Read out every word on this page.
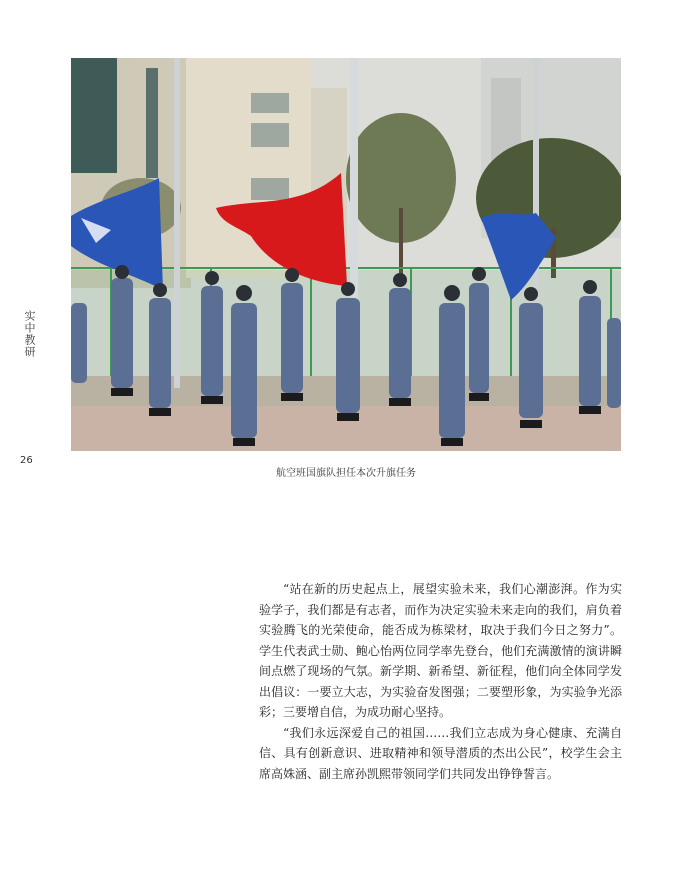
实中教研
26
航空班国旗队担任本次升旗任务

“站在新的历史起点上，展望实验未来，我们心潮澎湃。作为实验学子，我们都是有志者，而作为决定实验未来走向的我们，肩负着实验腾飞的光荣使命，能否成为栋梁材，取决于我们今日之努力”。学生代表武士勋、鲍心怡两位同学率先登台，他们充满激情的演讲瞬间点燃了现场的气氛。新学期、新希望、新征程，他们向全体同学发出倡议：一要立大志，为实验奋发图强；二要塑形象，为实验争光添彩；三要增自信，为成功耐心坚持。

“我们永远深爱自己的祖国……我们立志成为身心健康、充满自信、具有创新意识、进取精神和领导潜质的杰出公民”，校学生会主席高姝涵、副主席孙凯熙带领同学们共同发出铮铮誓言。
